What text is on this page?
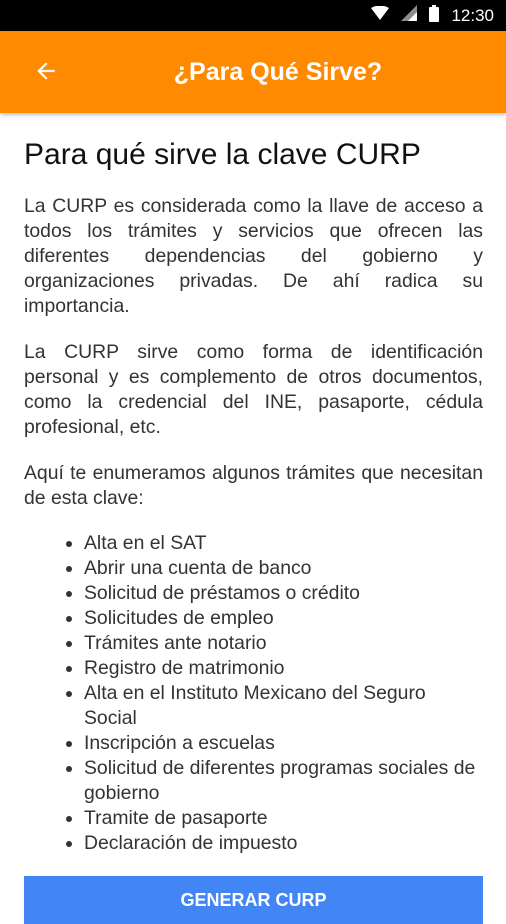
12:30
¿Para Qué Sirve?
Para qué sirve la clave CURP

La CURP es considerada como la llave de acceso a todos los trámites y servicios que ofrecen las diferentes dependencias del gobierno y organizaciones privadas. De ahí radica su importancia.

La CURP sirve como forma de identificación personal y es complemento de otros documentos, como la credencial del INE, pasaporte, cédula profesional, etc.

Aquí te enumeramos algunos trámites que necesitan de esta clave:

• Alta en el SAT
• Abrir una cuenta de banco
• Solicitud de préstamos o crédito
• Solicitudes de empleo
• Trámites ante notario
• Registro de matrimonio
• Alta en el Instituto Mexicano del Seguro Social
• Inscripción a escuelas
• Solicitud de diferentes programas sociales de gobierno
• Tramite de pasaporte
• Declaración de impuesto
GENERAR CURP
